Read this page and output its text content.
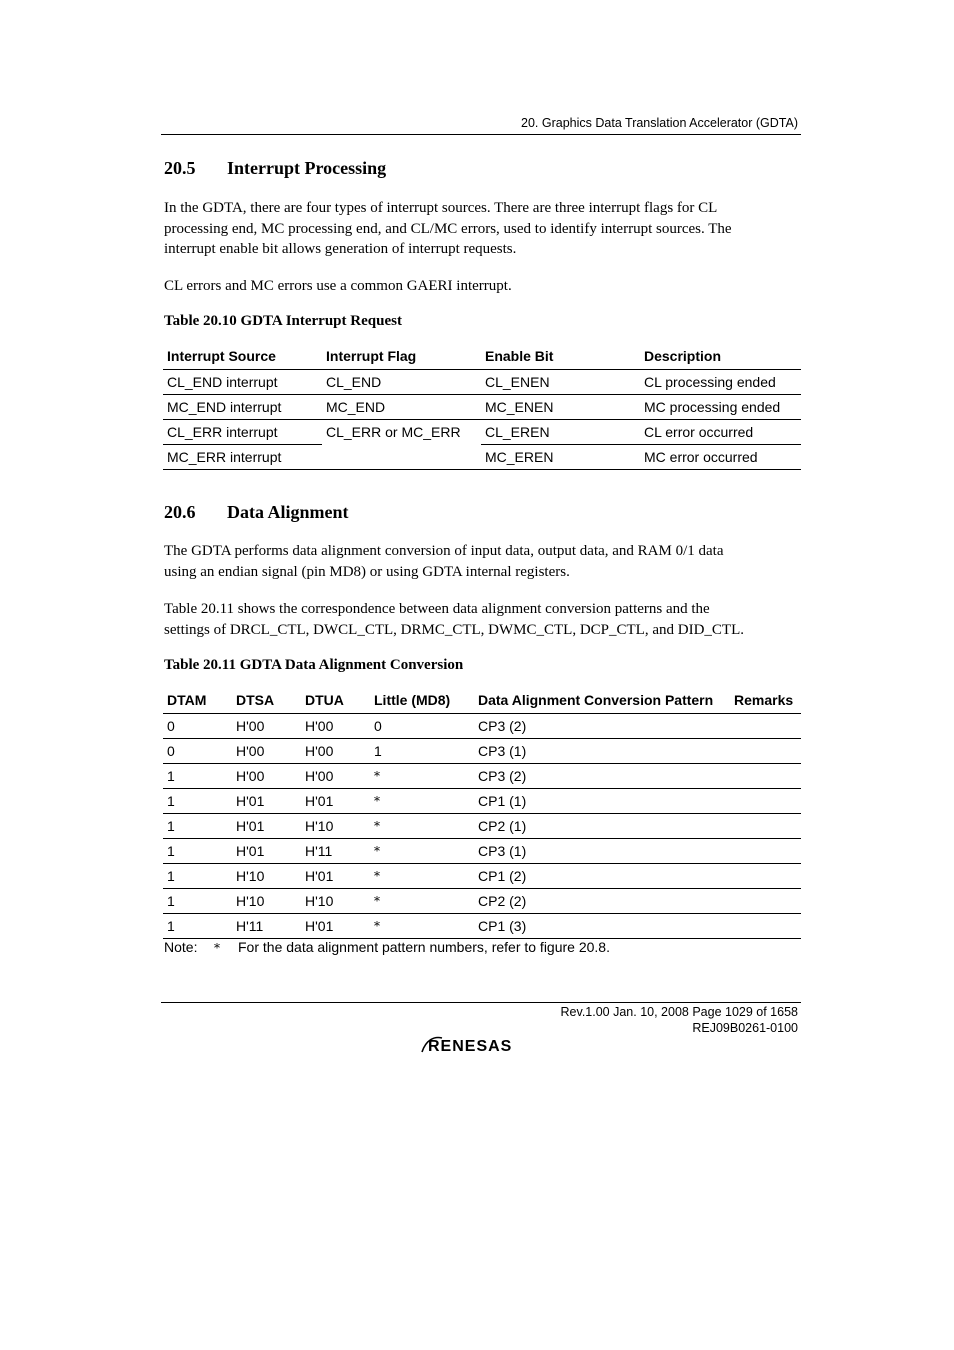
20. Graphics Data Translation Accelerator (GDTA)
20.5 Interrupt Processing
In the GDTA, there are four types of interrupt sources. There are three interrupt flags for CL
processing end, MC processing end, and CL/MC errors, used to identify interrupt sources. The
interrupt enable bit allows generation of interrupt requests.
CL errors and MC errors use a common GAERI interrupt.
Table 20.10 GDTA Interrupt Request
Interrupt Source	Interrupt Flag	Enable Bit	Description
CL_END interrupt	CL_END	CL_ENEN	CL processing ended
MC_END interrupt	MC_END	MC_ENEN	MC processing ended
CL_ERR interrupt	CL_ERR or MC_ERR	CL_EREN	CL error occurred
MC_ERR interrupt		MC_EREN	MC error occurred
20.6 Data Alignment
The GDTA performs data alignment conversion of input data, output data, and RAM 0/1 data
using an endian signal (pin MD8) or using GDTA internal registers.
Table 20.11 shows the correspondence between data alignment conversion patterns and the
settings of DRCL_CTL, DWCL_CTL, DRMC_CTL, DWMC_CTL, DCP_CTL, and DID_CTL.
Table 20.11 GDTA Data Alignment Conversion
DTAM	DTSA	DTUA	Little (MD8)	Data Alignment Conversion Pattern	Remarks
0	H'00	H'00	0	CP3 (2)	
0	H'00	H'00	1	CP3 (1)	
1	H'00	H'00	*	CP3 (2)	
1	H'01	H'01	*	CP1 (1)	
1	H'01	H'10	*	CP2 (1)	
1	H'01	H'11	*	CP3 (1)	
1	H'10	H'01	*	CP1 (2)	
1	H'10	H'10	*	CP2 (2)	
1	H'11	H'01	*	CP1 (3)	
Note: * For the data alignment pattern numbers, refer to figure 20.8.
Rev.1.00 Jan. 10, 2008 Page 1029 of 1658
REJ09B0261-0100
RENESAS
